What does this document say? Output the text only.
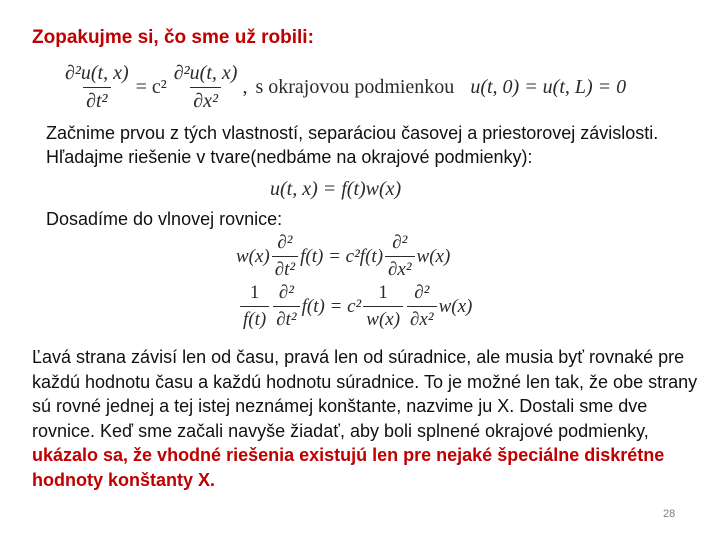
Zopakujme si, čo sme už robili:
$\frac{\text{∂²u(t, x)}}{\text{∂t²}} = c^2 \frac{\text{∂²u(t, x)}}{\text{∂x²}}$ , s okrajovou podmienkou u(t, 0) = u(t, L) = 0
Začnime prvou z tých vlastností, separáciou časovej a priestorovej závislosti. Hľadajme riešenie v tvare(nedbáme na okrajové podmienky):
u(t, x) = f(t)w(x)
Dosadíme do vlnovej rovnice:
$w(x) \frac{\text{∂²}}{\text{∂t²}} f(t) = c^2f(t) \frac{\text{∂²}}{\text{∂x²}} w(x)$
$\frac{1}{f(t)} \frac{\text{∂²}}{\text{∂t²}} f(t) = c^2 \frac{1}{w(x)} \frac{\text{∂²}}{\text{∂x²}} w(x)$
Ľavá strana závisí len od času, pravá len od súradnice, ale musia byť rovnaké pre každú hodnotu času a každú hodnotu súradnice. To je možné len tak, že obe strany sú rovné jednej a tej istej neznámej konštante, nazvime ju X. Dostali sme dve rovnice. Keď sme začali navyše žiadať, aby boli splnené okrajové podmienky, ukázalo sa, že vhodné riešenia existujú len pre nejaké špeciálne diskrétne hodnoty konštanty X.
28
